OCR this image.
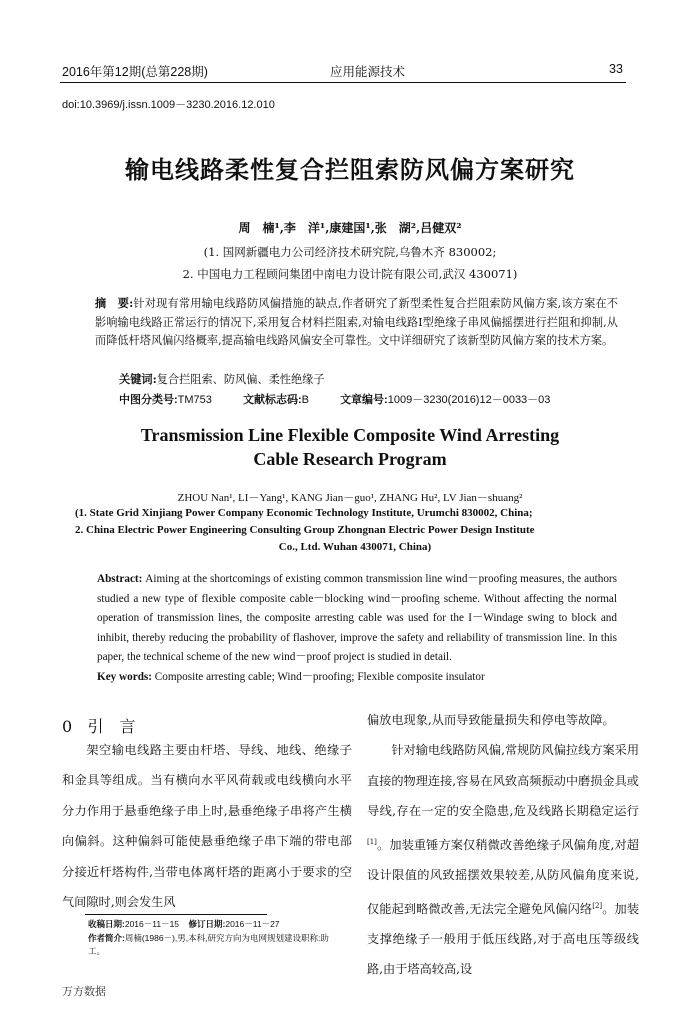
2016年第12期(总第228期)	应用能源技术	33
doi:10.3969/j.issn.1009－3230.2016.12.010
输电线路柔性复合拦阻索防风偏方案研究
周　楠¹,李　洋¹,康建国¹,张　湖²,吕健双²
(1. 国网新疆电力公司经济技术研究院,乌鲁木齐 830002;
2. 中国电力工程顾问集团中南电力设计院有限公司,武汉 430071)
摘　要:针对现有常用输电线路防风偏措施的缺点,作者研究了新型柔性复合拦阻索防风偏方案,该方案在不影响输电线路正常运行的情况下,采用复合材料拦阻索,对输电线路I型绝缘子串风偏摇摆进行拦阻和抑制,从而降低杆塔风偏闪络概率,提高输电线路风偏安全可靠性。文中详细研究了该新型防风偏方案的技术方案。
关键词:复合拦阻索、防风偏、柔性绝缘子
中图分类号:TM753	文献标志码:B	文章编号:1009－3230(2016)12－0033－03
Transmission Line Flexible Composite Wind Arresting
Cable Research Program
ZHOU Nan¹, LI－Yang¹, KANG Jian－guo¹, ZHANG Hu², LV Jian－shuang²
(1. State Grid Xinjiang Power Company Economic Technology Institute, Urumchi 830002, China;
2. China Electric Power Engineering Consulting Group Zhongnan Electric Power Design Institute
Co., Ltd. Wuhan 430071, China)
Abstract: Aiming at the shortcomings of existing common transmission line wind－proofing measures, the authors studied a new type of flexible composite cable－blocking wind－proofing scheme. Without affecting the normal operation of transmission lines, the composite arresting cable was used for the I－Windage swing to block and inhibit, thereby reducing the probability of flashover, improve the safety and reliability of transmission line. In this paper, the technical scheme of the new wind－proof project is studied in detail.
Key words: Composite arresting cable; Wind－proofing; Flexible composite insulator
0 引　言

架空输电线路主要由杆塔、导线、地线、绝缘子和金具等组成。当有横向水平风荷载或电线横向水平分力作用于悬垂绝缘子串上时,悬垂绝缘子串将产生横向偏斜。这种偏斜可能使悬垂绝缘子串下端的带电部分接近杆塔构件,当带电体离杆塔的距离小于要求的空气间隙时,则会发生风

偏放电现象,从而导致能量损失和停电等故障。

针对输电线路防风偏,常规防风偏拉线方案采用直接的物理连接,容易在风致高频振动中磨损金具或导线,存在一定的安全隐患,危及线路长期稳定运行[1]。加装重锤方案仅稍微改善绝缘子风偏角度,对超设计限值的风致摇摆效果较差,从防风偏角度来说,仅能起到略微改善,无法完全避免风偏闪络[2]。加装支撑绝缘子一般用于低压线路,对于高电压等级线路,由于塔高较高,设

收稿日期:2016－11－15 修订日期:2016－11－27
作者简介:周楠(1986－),男,本科,研究方向为电网规划建设职称:助工。
万方数据
